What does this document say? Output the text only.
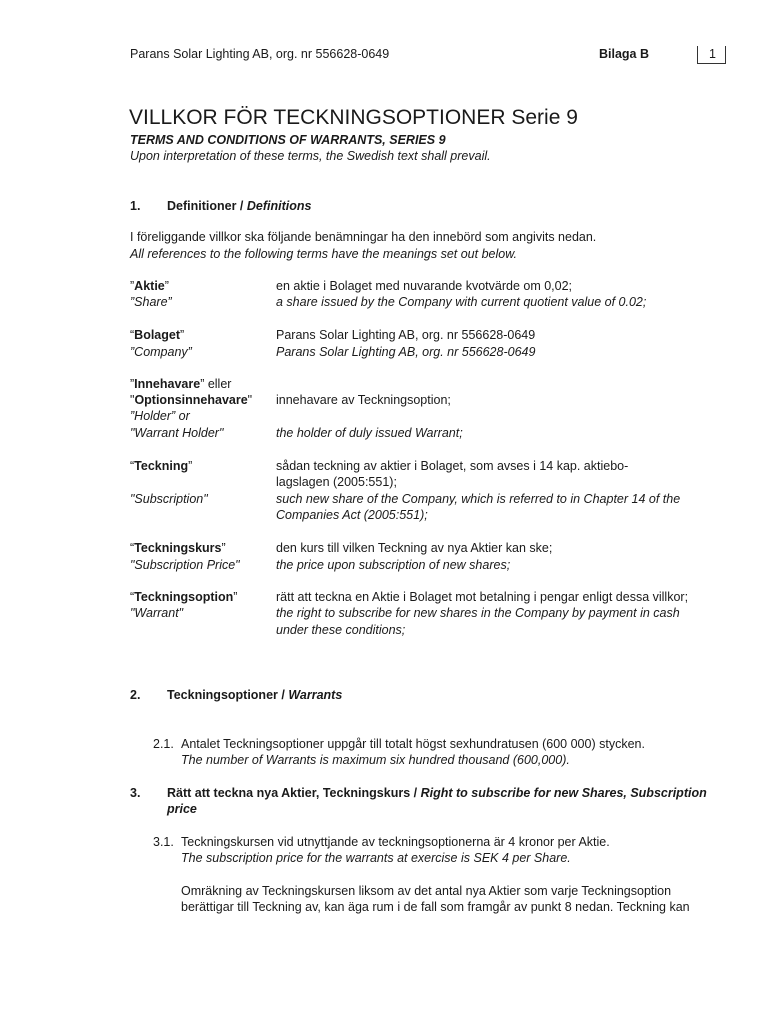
Parans Solar Lighting AB, org. nr 556628-0649	Bilaga B	1
VILLKOR FÖR TECKNINGSOPTIONER Serie 9
TERMS AND CONDITIONS OF WARRANTS, SERIES 9
Upon interpretation of these terms, the Swedish text shall prevail.
1. Definitioner / Definitions
I föreliggande villkor ska följande benämningar ha den innebörd som angivits nedan.
All references to the following terms have the meanings set out below.
”Aktie”
”Share”
en aktie i Bolaget med nuvarande kvotvärde om 0,02;
a share issued by the Company with current quotient value of 0.02;
“Bolaget”
”Company”
Parans Solar Lighting AB, org. nr 556628-0649
Parans Solar Lighting AB, org. nr 556628-0649
”Innehavare” eller
"Optionsinnehavare"
”Holder” or
"Warrant Holder"
innehavare av Teckningsoption;
the holder of duly issued Warrant;
“Teckning”
"Subscription"
sådan teckning av aktier i Bolaget, som avses i 14 kap. aktiebo-
lagslagen (2005:551);
such new share of the Company, which is referred to in Chapter 14 of the
Companies Act (2005:551);
“Teckningskurs”
"Subscription Price"
den kurs till vilken Teckning av nya Aktier kan ske;
the price upon subscription of new shares;
“Teckningsoption”
"Warrant"
rätt att teckna en Aktie i Bolaget mot betalning i pengar enligt dessa villkor;
the right to subscribe for new shares in the Company by payment in cash
under these conditions;
2. Teckningsoptioner / Warrants
2.1. Antalet Teckningsoptioner uppgår till totalt högst sexhundratusen (600 000) stycken.
The number of Warrants is maximum six hundred thousand (600,000).
3. Rätt att teckna nya Aktier, Teckningskurs / Right to subscribe for new Shares, Subscription
price
3.1. Teckningskursen vid utnyttjande av teckningsoptionerna är 4 kronor per Aktie.
The subscription price for the warrants at exercise is SEK 4 per Share.
Omräkning av Teckningskursen liksom av det antal nya Aktier som varje Teckningsoption
berättigar till Teckning av, kan äga rum i de fall som framgår av punkt 8 nedan. Teckning kan
